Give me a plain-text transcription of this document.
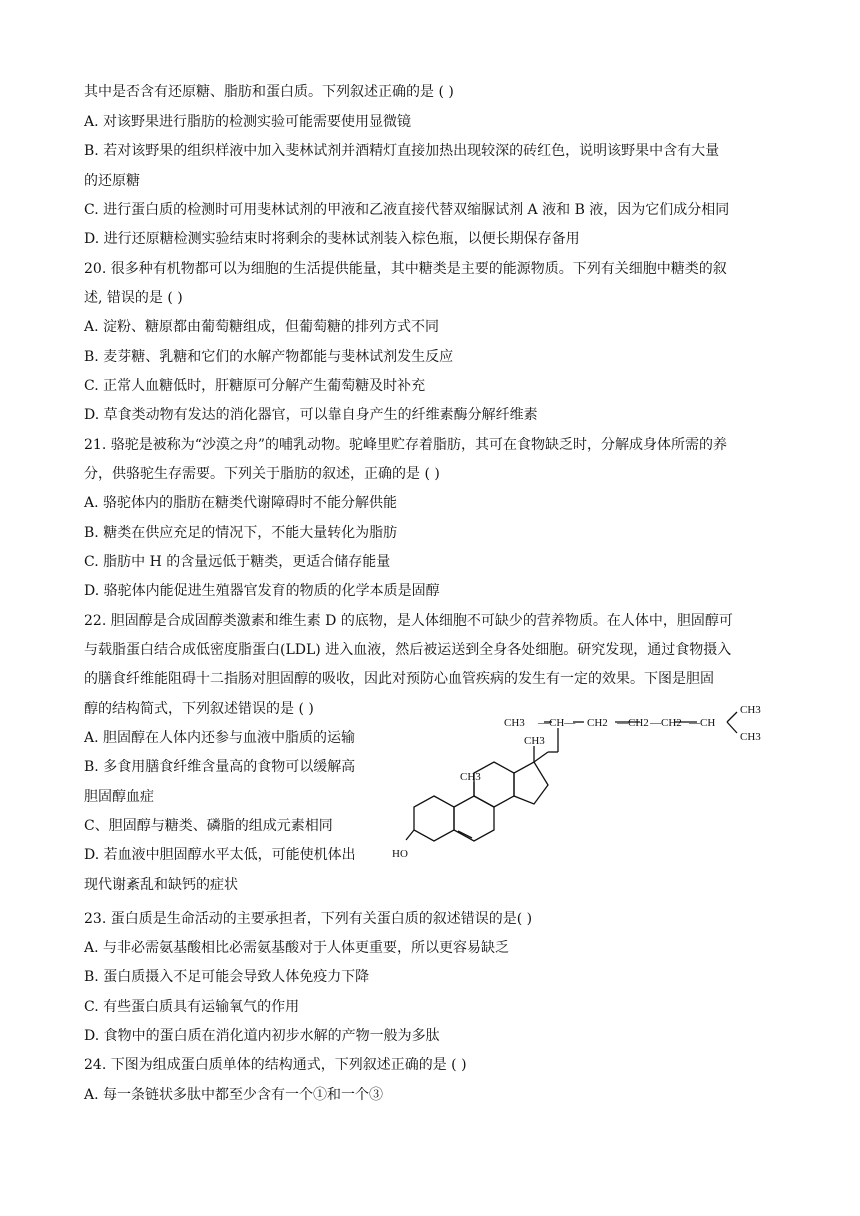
其中是否含有还原糖、脂肪和蛋白质。下列叙述正确的是 ( )
A. 对该野果进行脂肪的检测实验可能需要使用显微镜
B. 若对该野果的组织样液中加入斐林试剂并酒精灯直接加热出现较深的砖红色，说明该野果中含有大量
的还原糖
C. 进行蛋白质的检测时可用斐林试剂的甲液和乙液直接代替双缩脲试剂 A 液和 B 液，因为它们成分相同
D. 进行还原糖检测实验结束时将剩余的斐林试剂装入棕色瓶，以便长期保存备用
20. 很多种有机物都可以为细胞的生活提供能量，其中糖类是主要的能源物质。下列有关细胞中糖类的叙
述, 错误的是 ( )
A. 淀粉、糖原都由葡萄糖组成，但葡萄糖的排列方式不同
B. 麦芽糖、乳糖和它们的水解产物都能与斐林试剂发生反应
C. 正常人血糖低时，肝糖原可分解产生葡萄糖及时补充
D. 草食类动物有发达的消化器官，可以靠自身产生的纤维素酶分解纤维素
21. 骆驼是被称为“沙漠之舟”的哺乳动物。驼峰里贮存着脂肪，其可在食物缺乏时，分解成身体所需的养
分，供骆驼生存需要。下列关于脂肪的叙述，正确的是 ( )
A. 骆驼体内的脂肪在糖类代谢障碍时不能分解供能
B. 糖类在供应充足的情况下，不能大量转化为脂肪
C. 脂肪中 H 的含量远低于糖类，更适合储存能量
D. 骆驼体内能促进生殖器官发育的物质的化学本质是固醇
22. 胆固醇是合成固醇类激素和维生素 D 的底物，是人体细胞不可缺少的营养物质。在人体中，胆固醇可
与载脂蛋白结合成低密度脂蛋白(LDL) 进入血液，然后被运送到全身各处细胞。研究发现，通过食物摄入
的膳食纤维能阻碍十二指肠对胆固醇的吸收，因此对预防心血管疾病的发生有一定的效果。下图是胆固
醇的结构简式，下列叙述错误的是 ( )
A. 胆固醇在人体内还参与血液中脂质的运输
B. 多食用膳食纤维含量高的食物可以缓解高
胆固醇血症
C、胆固醇与糖类、磷脂的组成元素相同
D. 若血液中胆固醇水平太低，可能使机体出
现代谢紊乱和缺钙的症状
CH3 —CH— CH2 —CH2 —CH2 —CH
CH3
CH3
CH3
CH3
HO
23. 蛋白质是生命活动的主要承担者，下列有关蛋白质的叙述错误的是( )
A. 与非必需氨基酸相比必需氨基酸对于人体更重要，所以更容易缺乏
B. 蛋白质摄入不足可能会导致人体免疫力下降
C. 有些蛋白质具有运输氧气的作用
D. 食物中的蛋白质在消化道内初步水解的产物一般为多肽
24. 下图为组成蛋白质单体的结构通式，下列叙述正确的是 ( )
A. 每一条链状多肽中都至少含有一个①和一个③
